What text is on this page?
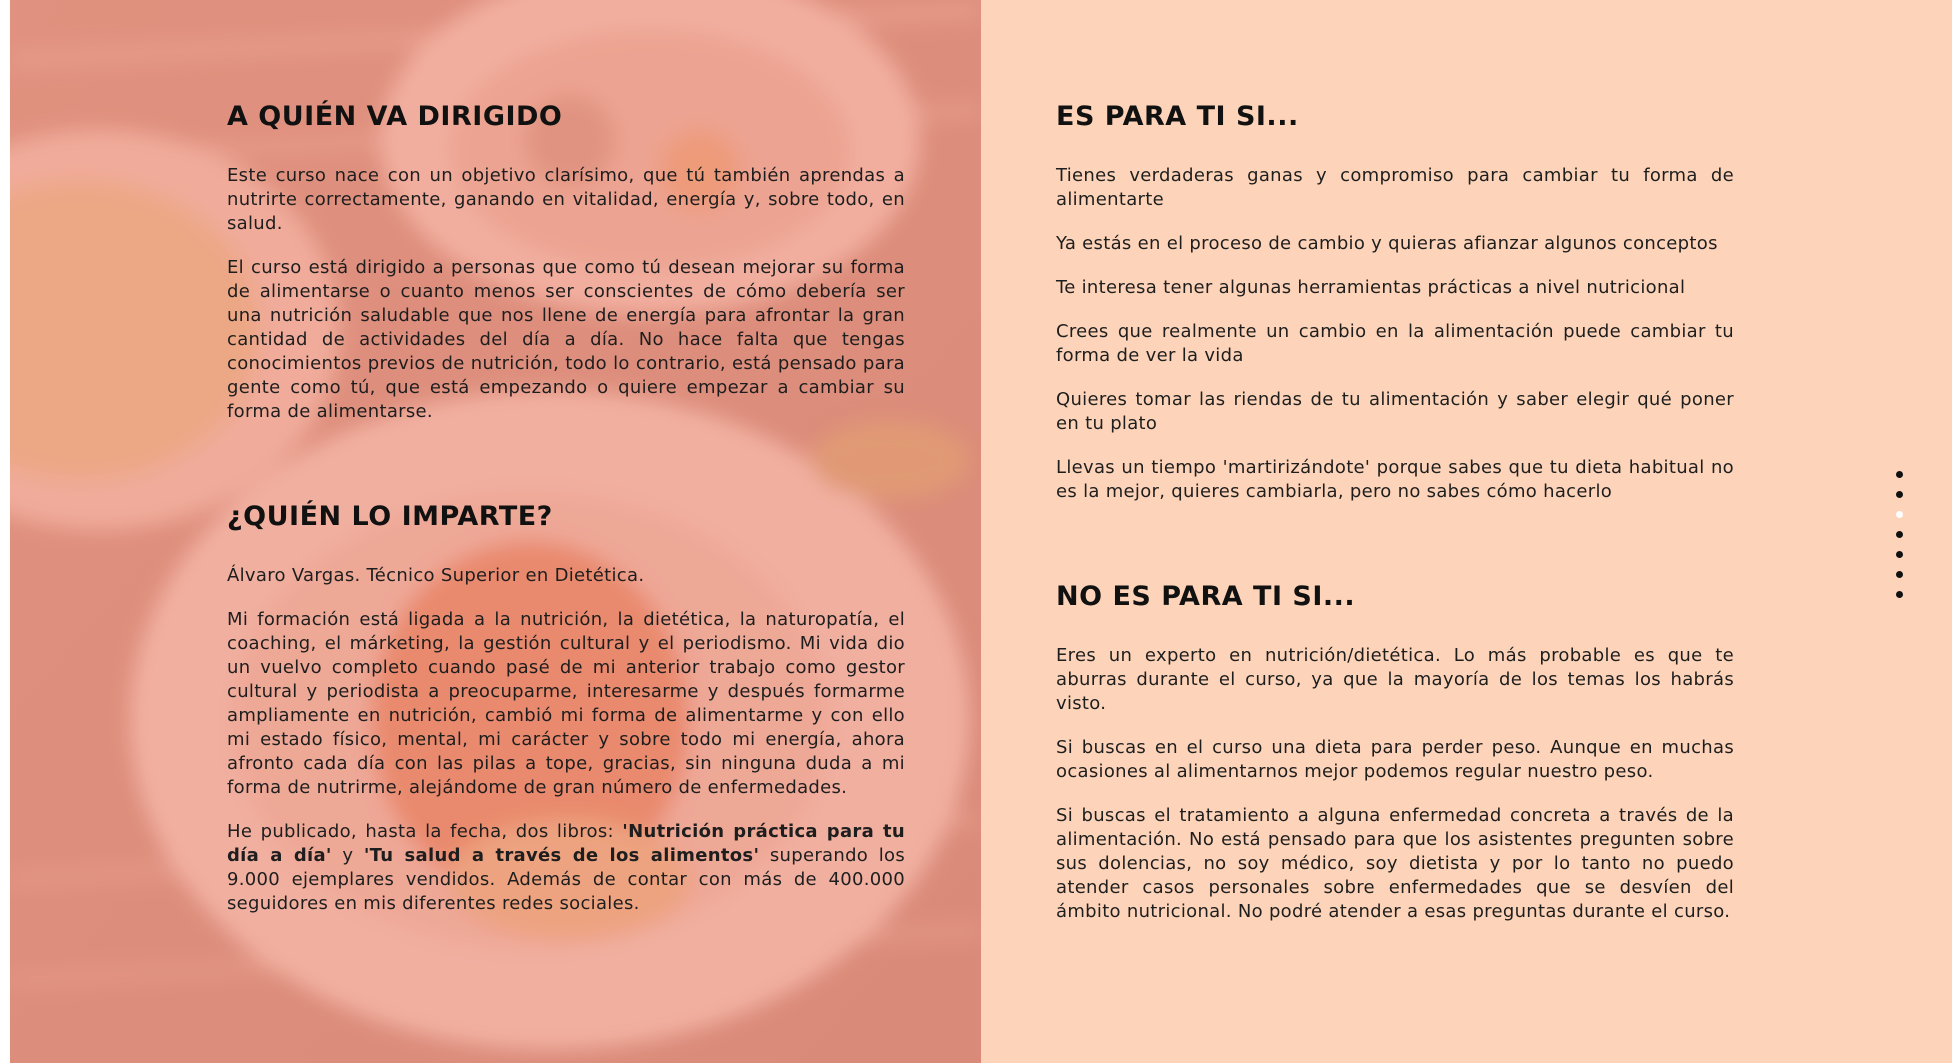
A QUIÉN VA DIRIGIDO

Este curso nace con un objetivo clarísimo, que tú también aprendas a nutrirte correctamente, ganando en vitalidad, energía y, sobre todo, en salud.

El curso está dirigido a personas que como tú desean mejorar su forma de alimentarse o cuanto menos ser conscientes de cómo debería ser una nutrición saludable que nos llene de energía para afrontar la gran cantidad de actividades del día a día. No hace falta que tengas conocimientos previos de nutrición, todo lo contrario, está pensado para gente como tú, que está empezando o quiere empezar a cambiar su forma de alimentarse.

¿QUIÉN LO IMPARTE?

Álvaro Vargas. Técnico Superior en Dietética.

Mi formación está ligada a la nutrición, la dietética, la naturopatía, el coaching, el márketing, la gestión cultural y el periodismo. Mi vida dio un vuelvo completo cuando pasé de mi anterior trabajo como gestor cultural y periodista a preocuparme, interesarme y después formarme ampliamente en nutrición, cambió mi forma de alimentarme y con ello mi estado físico, mental, mi carácter y sobre todo mi energía, ahora afronto cada día con las pilas a tope, gracias, sin ninguna duda a mi forma de nutrirme, alejándome de gran número de enfermedades.

He publicado, hasta la fecha, dos libros: 'Nutrición práctica para tu día a día' y 'Tu salud a través de los alimentos' superando los 9.000 ejemplares vendidos. Además de contar con más de 400.000 seguidores en mis diferentes redes sociales.

ES PARA TI SI...

Tienes verdaderas ganas y compromiso para cambiar tu forma de alimentarte

Ya estás en el proceso de cambio y quieras afianzar algunos conceptos

Te interesa tener algunas herramientas prácticas a nivel nutricional

Crees que realmente un cambio en la alimentación puede cambiar tu forma de ver la vida

Quieres tomar las riendas de tu alimentación y saber elegir qué poner en tu plato

Llevas un tiempo 'martirizándote' porque sabes que tu dieta habitual no es la mejor, quieres cambiarla, pero no sabes cómo hacerlo

NO ES PARA TI SI...

Eres un experto en nutrición/dietética. Lo más probable es que te aburras durante el curso, ya que la mayoría de los temas los habrás visto.

Si buscas en el curso una dieta para perder peso. Aunque en muchas ocasiones al alimentarnos mejor podemos regular nuestro peso.

Si buscas el tratamiento a alguna enfermedad concreta a través de la alimentación. No está pensado para que los asistentes pregunten sobre sus dolencias, no soy médico, soy dietista y por lo tanto no puedo atender casos personales sobre enfermedades que se desvíen del ámbito nutricional. No podré atender a esas preguntas durante el curso.
